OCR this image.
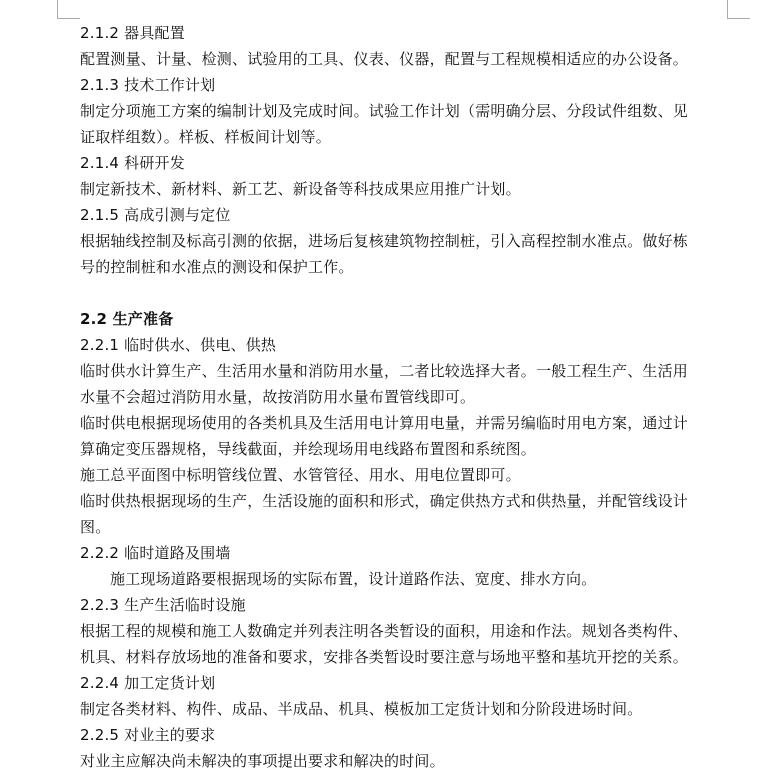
2.1.2 器具配置
配置测量、计量、检测、试验用的工具、仪表、仪器，配置与工程规模相适应的办公设备。
2.1.3 技术工作计划
制定分项施工方案的编制计划及完成时间。试验工作计划（需明确分层、分段试件组数、见
证取样组数）。样板、样板间计划等。
2.1.4 科研开发
制定新技术、新材料、新工艺、新设备等科技成果应用推广计划。
2.1.5 高成引测与定位
根据轴线控制及标高引测的依据，进场后复核建筑物控制桩，引入高程控制水准点。做好栋
号的控制桩和水准点的测设和保护工作。
2.2 生产准备
2.2.1 临时供水、供电、供热
临时供水计算生产、生活用水量和消防用水量，二者比较选择大者。一般工程生产、生活用
水量不会超过消防用水量，故按消防用水量布置管线即可。
临时供电根据现场使用的各类机具及生活用电计算用电量，并需另编临时用电方案，通过计
算确定变压器规格，导线截面，并绘现场用电线路布置图和系统图。
施工总平面图中标明管线位置、水管管径、用水、用电位置即可。
临时供热根据现场的生产，生活设施的面积和形式，确定供热方式和供热量，并配管线设计
图。
2.2.2 临时道路及围墙
施工现场道路要根据现场的实际布置，设计道路作法、宽度、排水方向。
2.2.3 生产生活临时设施
根据工程的规模和施工人数确定并列表注明各类暂设的面积，用途和作法。规划各类构件、
机具、材料存放场地的准备和要求，安排各类暂设时要注意与场地平整和基坑开挖的关系。
2.2.4 加工定货计划
制定各类材料、构件、成品、半成品、机具、模板加工定货计划和分阶段进场时间。
2.2.5 对业主的要求
对业主应解决尚未解决的事项提出要求和解决的时间。
